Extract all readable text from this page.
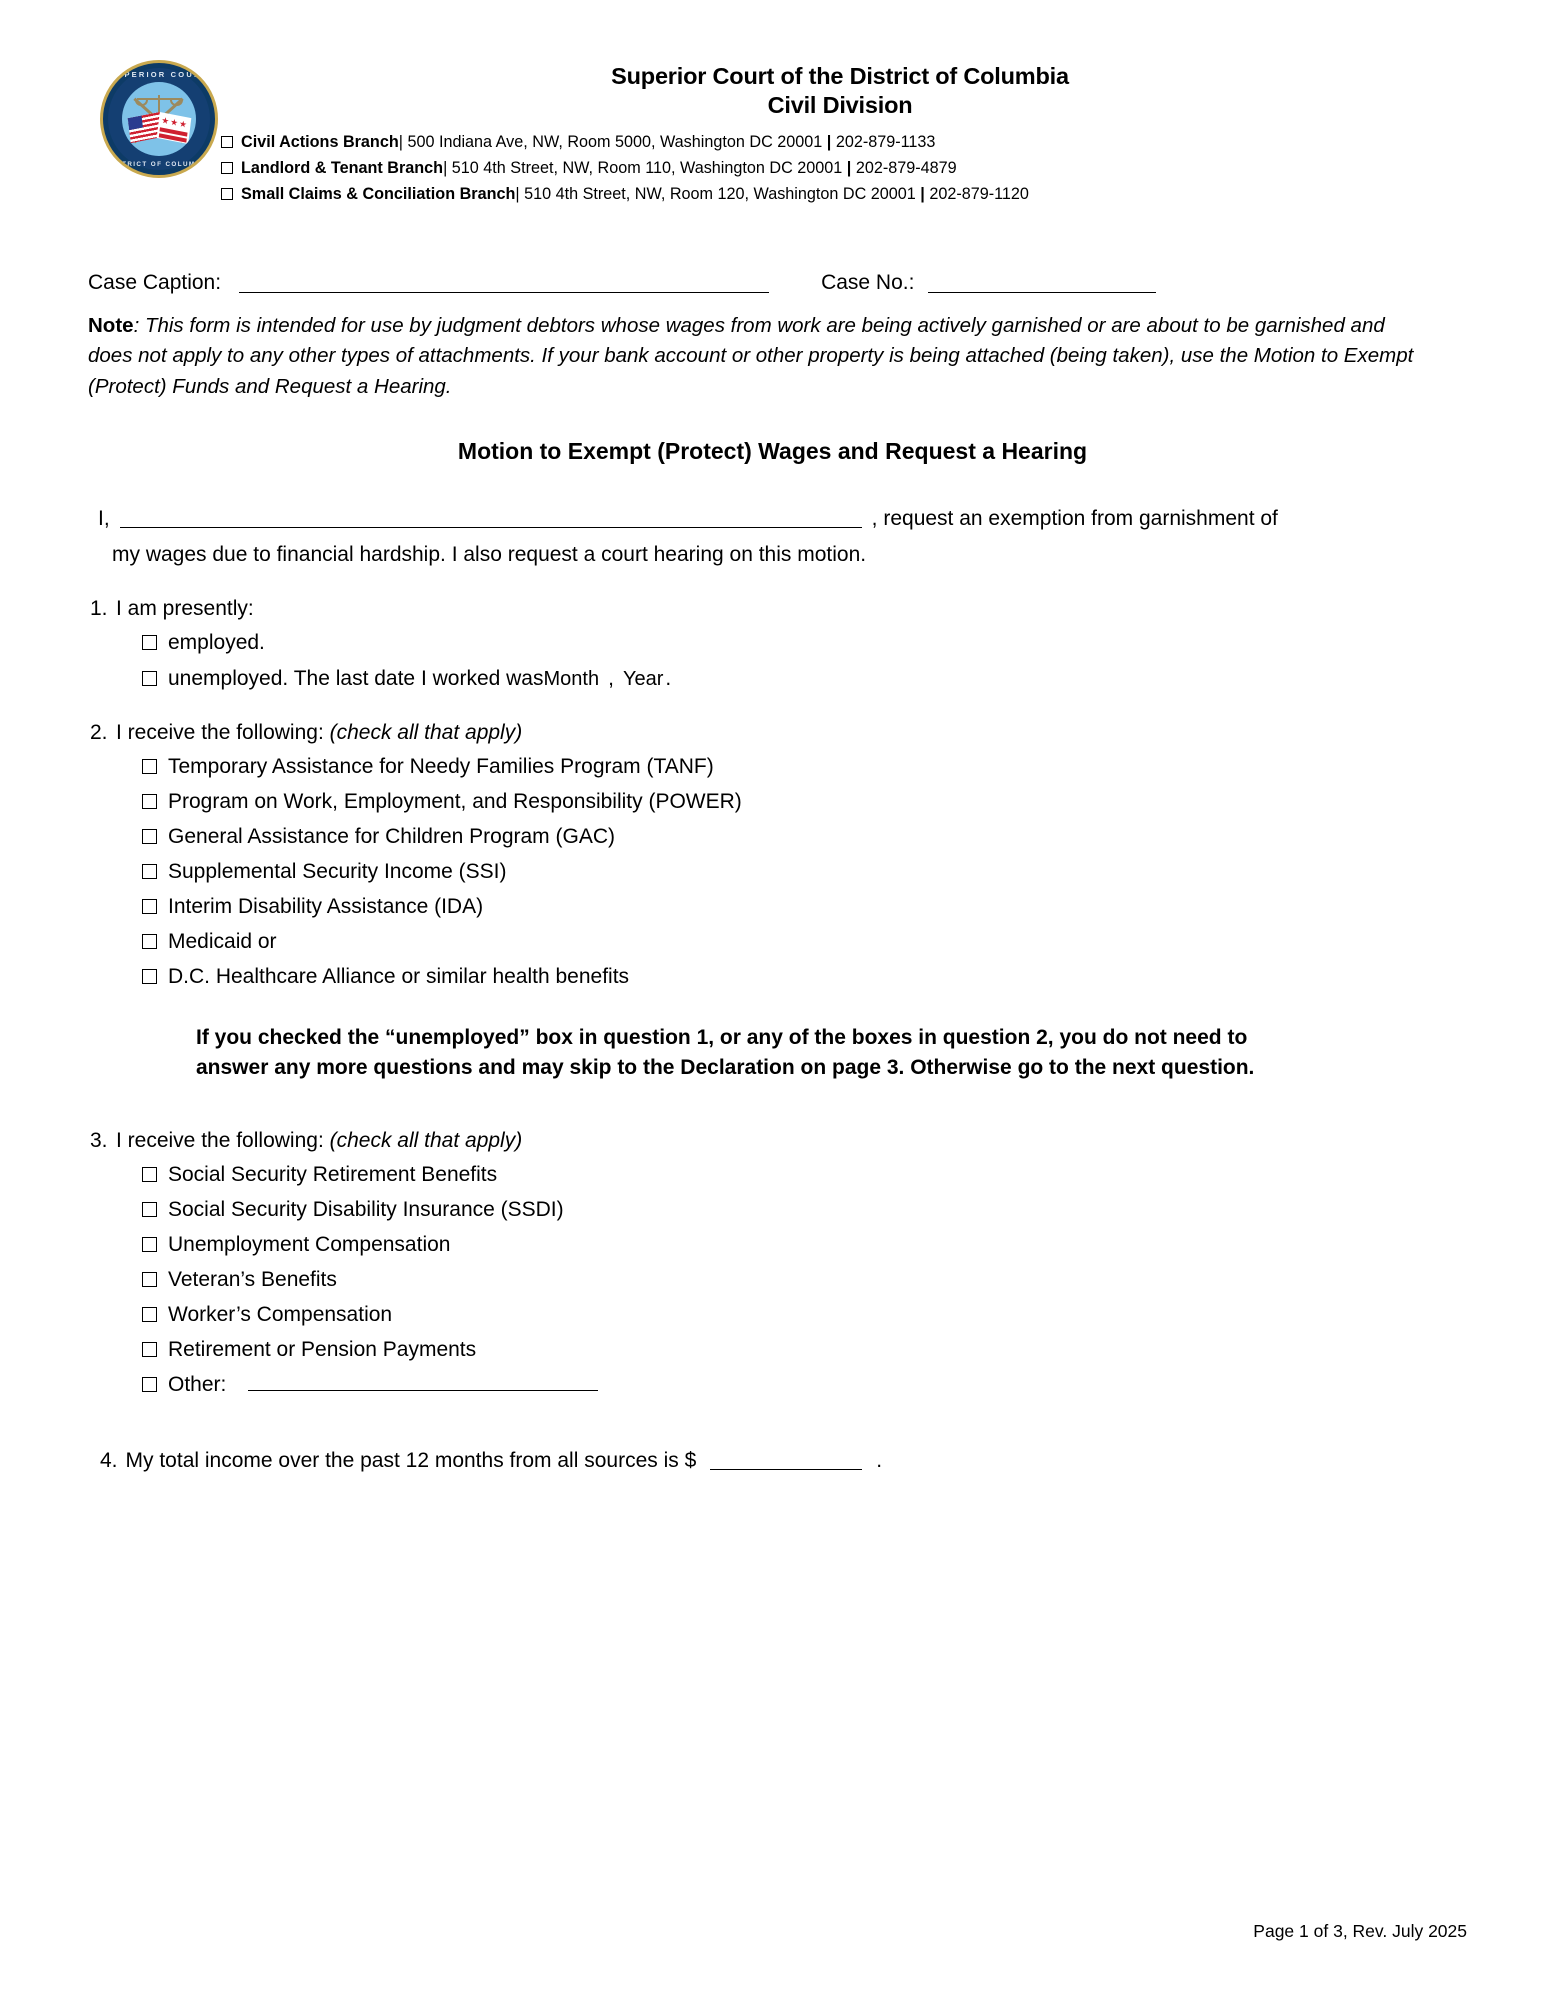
SUPERIOR COURT
DISTRICT OF COLUMBIA
Superior Court of the District of Columbia
Civil Division
Civil Actions Branch| 500 Indiana Ave, NW, Room 5000, Washington DC 20001 | 202-879-1133
Landlord & Tenant Branch| 510 4th Street, NW, Room 110, Washington DC 20001 | 202-879-4879
Small Claims & Conciliation Branch| 510 4th Street, NW, Room 120, Washington DC 20001 | 202-879-1120
Case Caption:	Case No.:
Note: This form is intended for use by judgment debtors whose wages from work are being actively garnished or are about to be garnished and does not apply to any other types of attachments. If your bank account or other property is being attached (being taken), use the Motion to Exempt (Protect) Funds and Request a Hearing.
Motion to Exempt (Protect) Wages and Request a Hearing
I,	, request an exemption from garnishment of
my wages due to financial hardship. I also request a court hearing on this motion.
1. I am presently:
employed.
unemployed. The last date I worked was Month , Year .
2. I receive the following: (check all that apply)
Temporary Assistance for Needy Families Program (TANF)
Program on Work, Employment, and Responsibility (POWER)
General Assistance for Children Program (GAC)
Supplemental Security Income (SSI)
Interim Disability Assistance (IDA)
Medicaid or
D.C. Healthcare Alliance or similar health benefits
If you checked the “unemployed” box in question 1, or any of the boxes in question 2, you do not need to answer any more questions and may skip to the Declaration on page 3. Otherwise go to the next question.
3. I receive the following: (check all that apply)
Social Security Retirement Benefits
Social Security Disability Insurance (SSDI)
Unemployment Compensation
Veteran’s Benefits
Worker’s Compensation
Retirement or Pension Payments
Other:
4. My total income over the past 12 months from all sources is $	.
Page 1 of 3, Rev. July 2025
